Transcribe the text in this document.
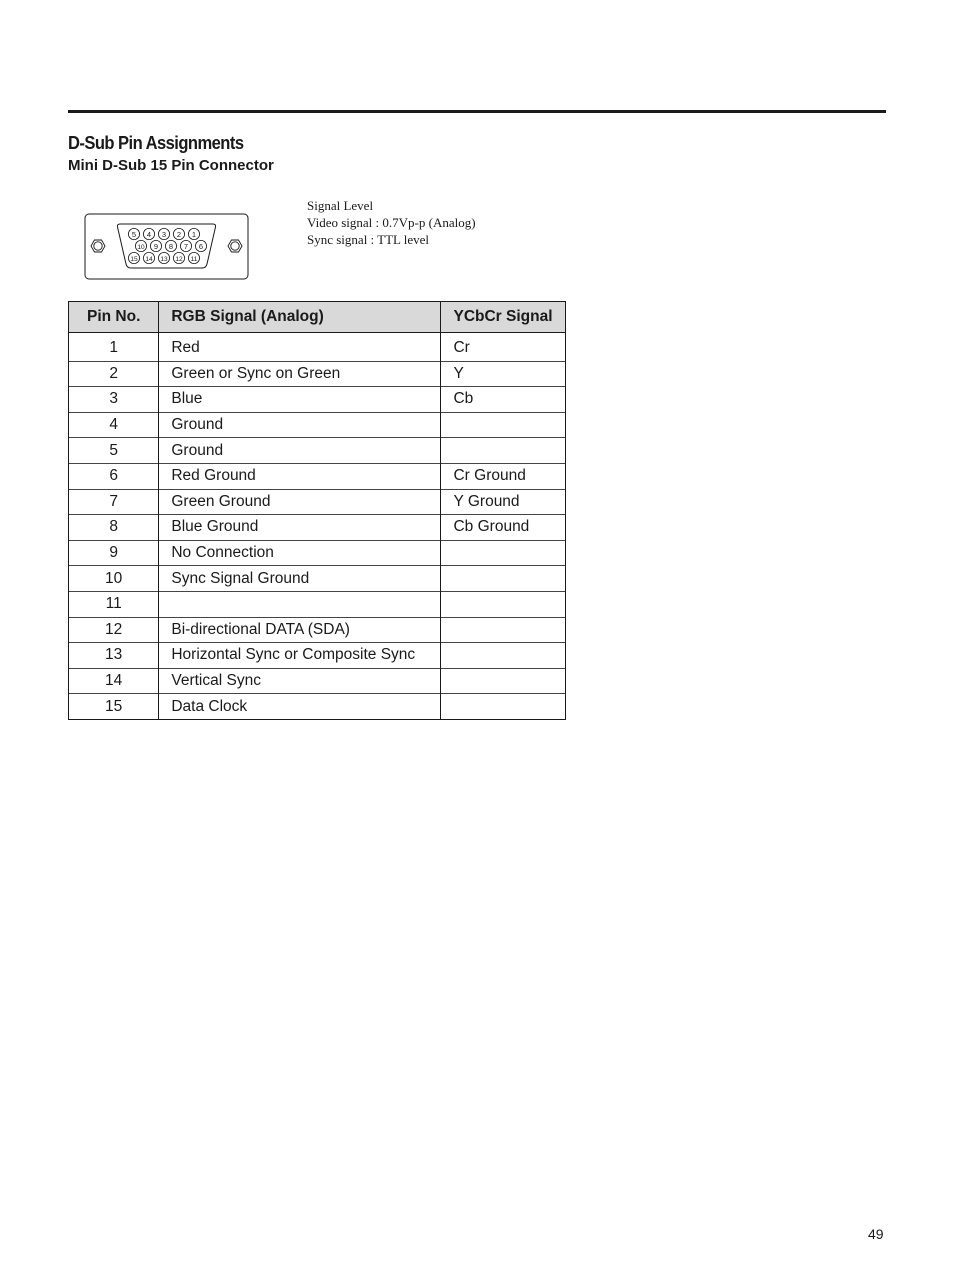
D-Sub Pin Assignments
Mini D-Sub 15 Pin Connector
5 4 3 2 1
10 9 8 7 6
15 14 13 12 11
Signal Level
Video signal : 0.7Vp-p (Analog)
Sync signal : TTL level
Pin No.	RGB Signal (Analog)	YCbCr Signal
1	Red	Cr
2	Green or Sync on Green	Y
3	Blue	Cb
4	Ground	
5	Ground	
6	Red Ground	Cr Ground
7	Green Ground	Y Ground
8	Blue Ground	Cb Ground
9	No Connection	
10	Sync Signal Ground	
11		
12	Bi-directional DATA (SDA)	
13	Horizontal Sync or Composite Sync	
14	Vertical Sync	
15	Data Clock	
49
